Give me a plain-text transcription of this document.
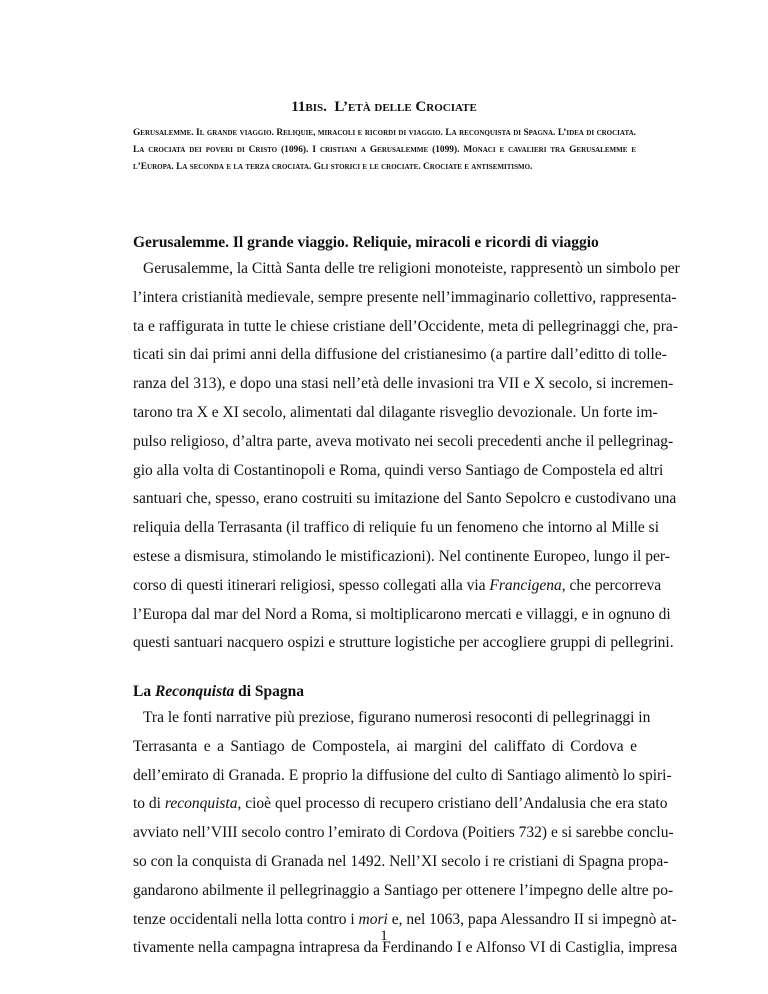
11bis. L’età delle Crociate
Gerusalemme. Il grande viaggio. Reliquie, miracoli e ricordi di viaggio. La reconquista di Spagna. L’idea di crociata. La crociata dei poveri di Cristo (1096). I cristiani a Gerusalemme (1099). Monaci e cavalieri tra Gerusalemme e l’Europa. La seconda e la terza crociata. Gli storici e le crociate. Crociate e antisemitismo.
Gerusalemme. Il grande viaggio. Reliquie, miracoli e ricordi di viaggio
Gerusalemme, la Città Santa delle tre religioni monoteiste, rappresentò un simbolo per
l’intera cristianità medievale, sempre presente nell’immaginario collettivo, rappresenta-
ta e raffigurata in tutte le chiese cristiane dell’Occidente, meta di pellegrinaggi che, pra-
ticati sin dai primi anni della diffusione del cristianesimo (a partire dall’editto di tolle-
ranza del 313), e dopo una stasi nell’età delle invasioni tra VII e X secolo, si incremen-
tarono tra X e XI secolo, alimentati dal dilagante risveglio devozionale. Un forte im-
pulso religioso, d’altra parte, aveva motivato nei secoli precedenti anche il pellegrinag-
gio alla volta di Costantinopoli e Roma, quindi verso Santiago de Compostela ed altri
santuari che, spesso, erano costruiti su imitazione del Santo Sepolcro e custodivano una
reliquia della Terrasanta (il traffico di reliquie fu un fenomeno che intorno al Mille si
estese a dismisura, stimolando le mistificazioni). Nel continente Europeo, lungo il per-
corso di questi itinerari religiosi, spesso collegati alla via Francigena, che percorreva
l’Europa dal mar del Nord a Roma, si moltiplicarono mercati e villaggi, e in ognuno di
questi santuari nacquero ospizi e strutture logistiche per accogliere gruppi di pellegrini.
La Reconquista di Spagna
Tra le fonti narrative più preziose, figurano numerosi resoconti di pellegrinaggi in
Terrasanta e a Santiago de Compostela, ai margini del califfato di Cordova e
dell’emirato di Granada. E proprio la diffusione del culto di Santiago alimentò lo spiri-
to di reconquista, cioè quel processo di recupero cristiano dell’Andalusia che era stato
avviato nell’VIII secolo contro l’emirato di Cordova (Poitiers 732) e si sarebbe conclu-
so con la conquista di Granada nel 1492. Nell’XI secolo i re cristiani di Spagna propa-
gandarono abilmente il pellegrinaggio a Santiago per ottenere l’impegno delle altre po-
tenze occidentali nella lotta contro i mori e, nel 1063, papa Alessandro II si impegnò at-
tivamente nella campagna intrapresa da Ferdinando I e Alfonso VI di Castiglia, impresa
1
